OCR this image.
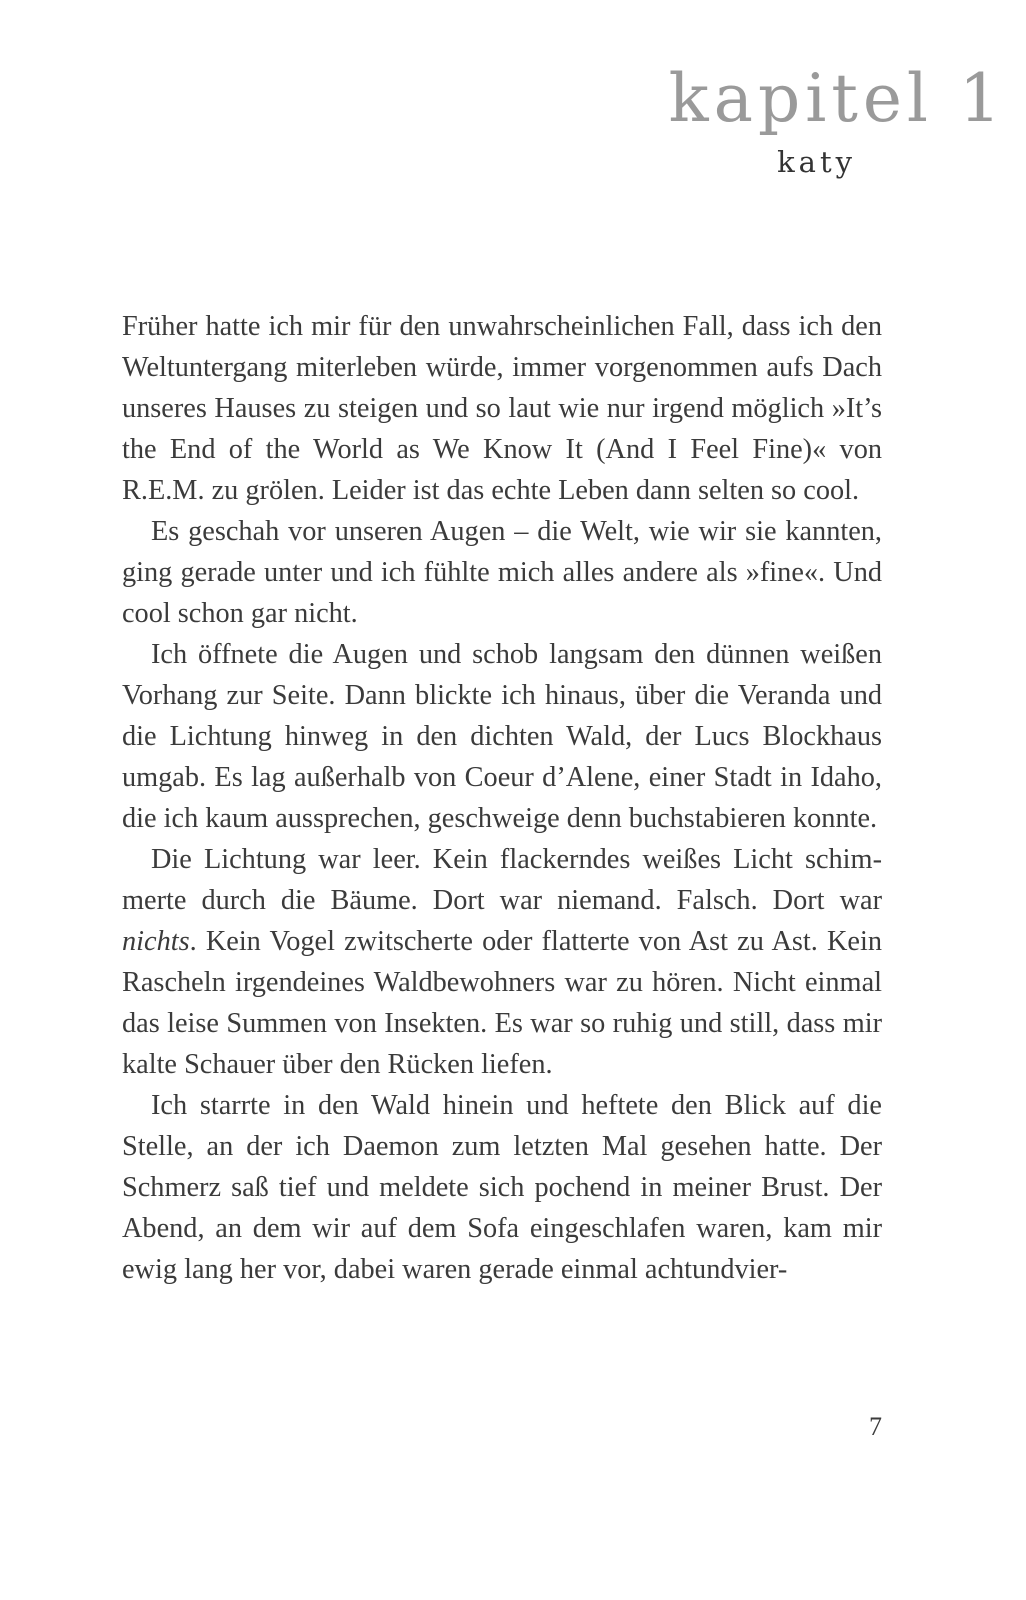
kapitel 1
katy

Früher hatte ich mir für den unwahrscheinlichen Fall, dass ich den Weltuntergang miterleben würde, immer vorgenommen aufs Dach unseres Hauses zu steigen und so laut wie nur irgend möglich »It’s the End of the World as We Know It (And I Feel Fine)« von R.E.M. zu grölen. Leider ist das echte Leben dann selten so cool.

Es geschah vor unseren Augen – die Welt, wie wir sie kannten, ging gerade unter und ich fühlte mich alles andere als »fine«. Und cool schon gar nicht.

Ich öffnete die Augen und schob langsam den dünnen weißen Vorhang zur Seite. Dann blickte ich hinaus, über die Veranda und die Lichtung hinweg in den dichten Wald, der Lucs Blockhaus umgab. Es lag außerhalb von Coeur d’Alene, einer Stadt in Idaho, die ich kaum aussprechen, geschweige denn buchstabieren konnte.

Die Lichtung war leer. Kein flackerndes weißes Licht schimmerte durch die Bäume. Dort war niemand. Falsch. Dort war nichts. Kein Vogel zwitscherte oder flatterte von Ast zu Ast. Kein Rascheln irgendeines Waldbewohners war zu hören. Nicht einmal das leise Summen von Insekten. Es war so ruhig und still, dass mir kalte Schauer über den Rücken liefen.

Ich starrte in den Wald hinein und heftete den Blick auf die Stelle, an der ich Daemon zum letzten Mal gesehen hatte. Der Schmerz saß tief und meldete sich pochend in meiner Brust. Der Abend, an dem wir auf dem Sofa eingeschlafen waren, kam mir ewig lang her vor, dabei waren gerade einmal achtundvier-

7
